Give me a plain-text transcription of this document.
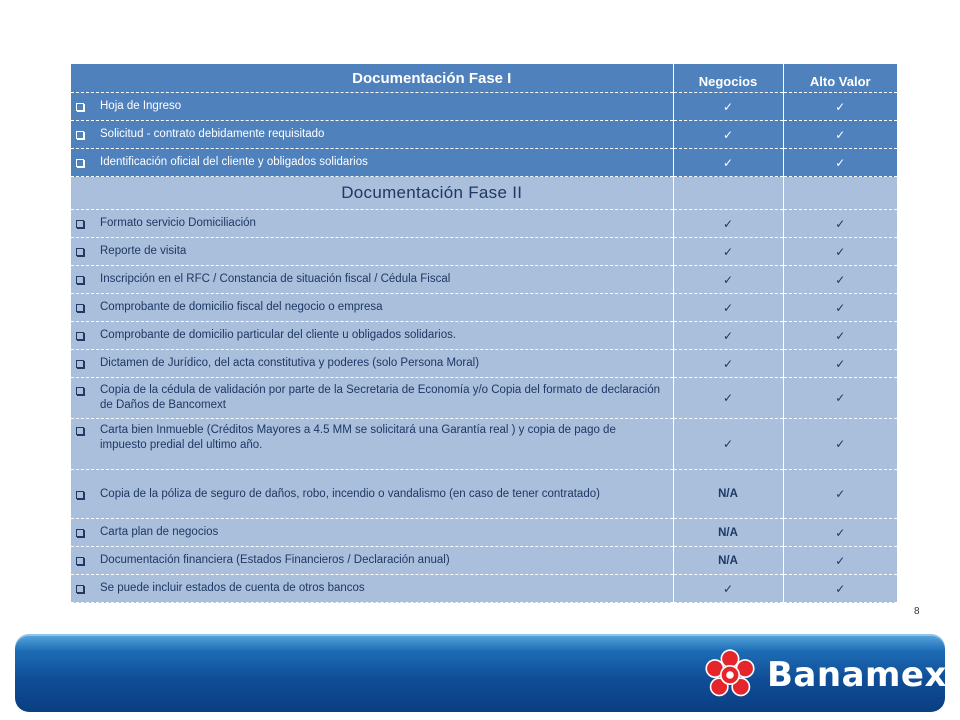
Documentación Fase I	Negocios	Alto Valor

Hoja de Ingreso	✓	✓

Solicitud - contrato debidamente requisitado	✓	✓

Identificación oficial del cliente y obligados solidarios	✓	✓

Documentación Fase II		

Formato servicio Domiciliación	✓	✓

Reporte de visita	✓	✓

Inscripción en el RFC / Constancia de situación fiscal / Cédula Fiscal	✓	✓

Comprobante de domicilio fiscal del negocio o empresa	✓	✓

Comprobante de domicilio particular del cliente u obligados solidarios.	✓	✓

Dictamen de Jurídico, del acta constitutiva y poderes (solo Persona Moral)	✓	✓

Copia de la cédula de validación por parte de la Secretaria de Economía y/o Copia del formato de declaración de Daños de Bancomext	✓	✓

Carta bien Inmueble (Créditos Mayores a 4.5 MM se solicitará una Garantía real ) y copia de pago de impuesto predial del ultimo año.	✓	✓

Copia de la póliza de seguro de daños, robo, incendio o vandalismo (en caso de tener contratado)	N/A	✓

Carta plan de negocios	N/A	✓

Documentación financiera (Estados Financieros / Declaración anual)	N/A	✓

Se puede incluir estados de cuenta de otros bancos	✓	✓
8
Banamex
